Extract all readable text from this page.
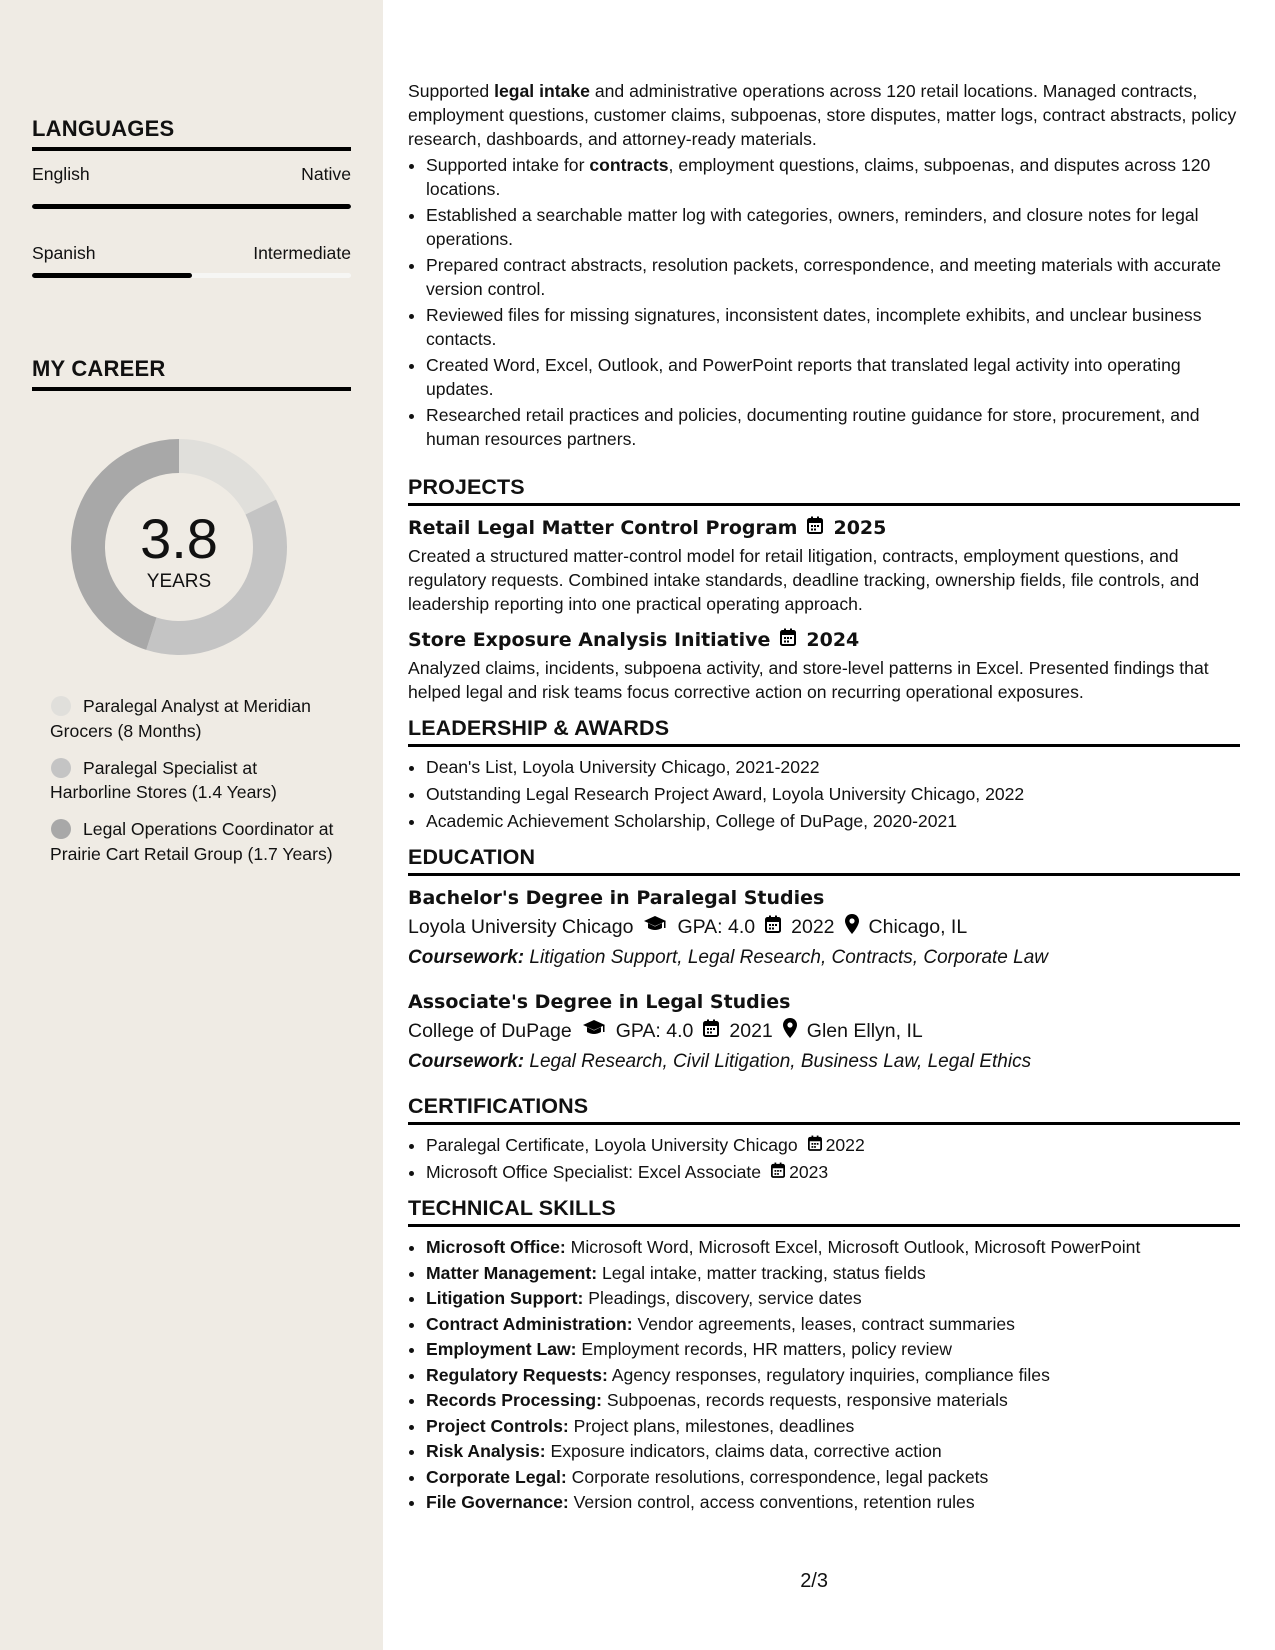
LANGUAGES
English	Native
Spanish	Intermediate
MY CAREER
3.8
YEARS
Paralegal Analyst at Meridian Grocers (8 Months)
Paralegal Specialist at Harborline Stores (1.4 Years)
Legal Operations Coordinator at Prairie Cart Retail Group (1.7 Years)

Supported legal intake and administrative operations across 120 retail locations. Managed contracts, employment questions, customer claims, subpoenas, store disputes, matter logs, contract abstracts, policy research, dashboards, and attorney-ready materials.

• Supported intake for contracts, employment questions, claims, subpoenas, and disputes across 120 locations.
• Established a searchable matter log with categories, owners, reminders, and closure notes for legal operations.
• Prepared contract abstracts, resolution packets, correspondence, and meeting materials with accurate version control.
• Reviewed files for missing signatures, inconsistent dates, incomplete exhibits, and unclear business contacts.
• Created Word, Excel, Outlook, and PowerPoint reports that translated legal activity into operating updates.
• Researched retail practices and policies, documenting routine guidance for store, procurement, and human resources partners.
PROJECTS
Retail Legal Matter Control Program 2025

Created a structured matter-control model for retail litigation, contracts, employment questions, and regulatory requests. Combined intake standards, deadline tracking, ownership fields, file controls, and leadership reporting into one practical operating approach.

Store Exposure Analysis Initiative 2024

Analyzed claims, incidents, subpoena activity, and store-level patterns in Excel. Presented findings that helped legal and risk teams focus corrective action on recurring operational exposures.

LEADERSHIP & AWARDS
• Dean's List, Loyola University Chicago, 2021-2022
• Outstanding Legal Research Project Award, Loyola University Chicago, 2022
• Academic Achievement Scholarship, College of DuPage, 2020-2021
EDUCATION
Bachelor's Degree in Paralegal Studies
Loyola University Chicago GPA: 4.0 2022 Chicago, IL
Coursework: Litigation Support, Legal Research, Contracts, Corporate Law
Associate's Degree in Legal Studies
College of DuPage GPA: 4.0 2021 Glen Ellyn, IL
Coursework: Legal Research, Civil Litigation, Business Law, Legal Ethics
CERTIFICATIONS
• Paralegal Certificate, Loyola University Chicago 2022
• Microsoft Office Specialist: Excel Associate 2023
TECHNICAL SKILLS
• Microsoft Office: Microsoft Word, Microsoft Excel, Microsoft Outlook, Microsoft PowerPoint
• Matter Management: Legal intake, matter tracking, status fields
• Litigation Support: Pleadings, discovery, service dates
• Contract Administration: Vendor agreements, leases, contract summaries
• Employment Law: Employment records, HR matters, policy review
• Regulatory Requests: Agency responses, regulatory inquiries, compliance files
• Records Processing: Subpoenas, records requests, responsive materials
• Project Controls: Project plans, milestones, deadlines
• Risk Analysis: Exposure indicators, claims data, corrective action
• Corporate Legal: Corporate resolutions, correspondence, legal packets
• File Governance: Version control, access conventions, retention rules
2/3
